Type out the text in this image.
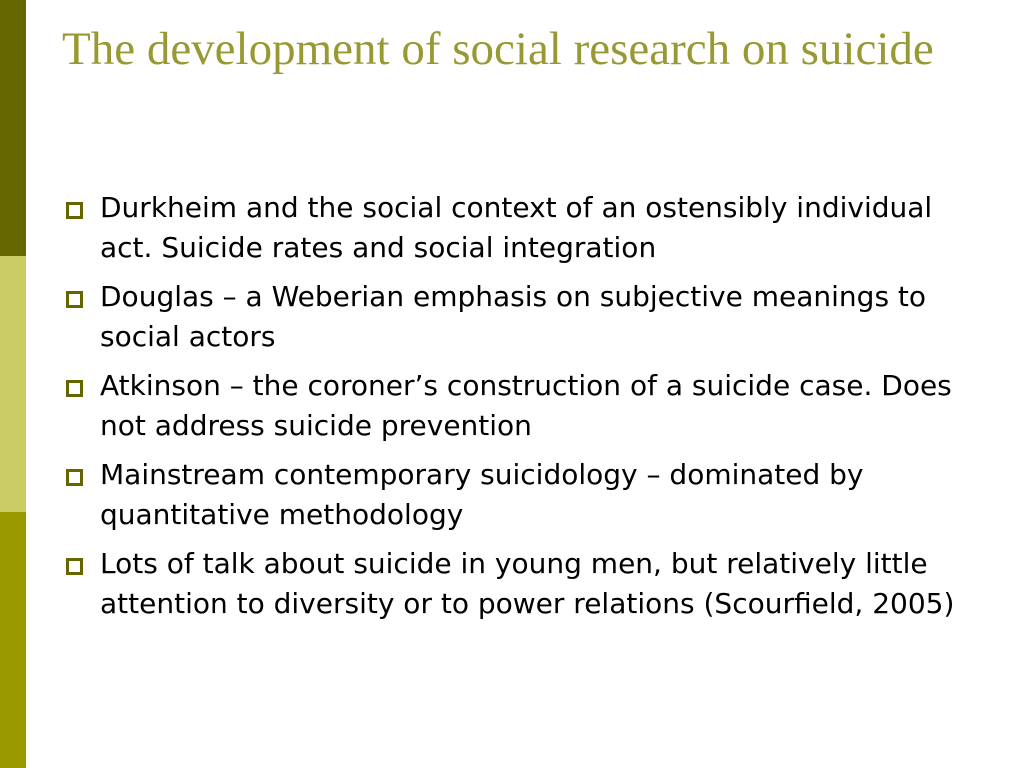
The development of social research on suicide
Durkheim and the social context of an ostensibly individual act. Suicide rates and social integration
Douglas – a Weberian emphasis on subjective meanings to social actors
Atkinson – the coroner’s construction of a suicide case. Does not address suicide prevention
Mainstream contemporary suicidology – dominated by quantitative methodology
Lots of talk about suicide in young men, but relatively little attention to diversity or to power relations (Scourfield, 2005)
